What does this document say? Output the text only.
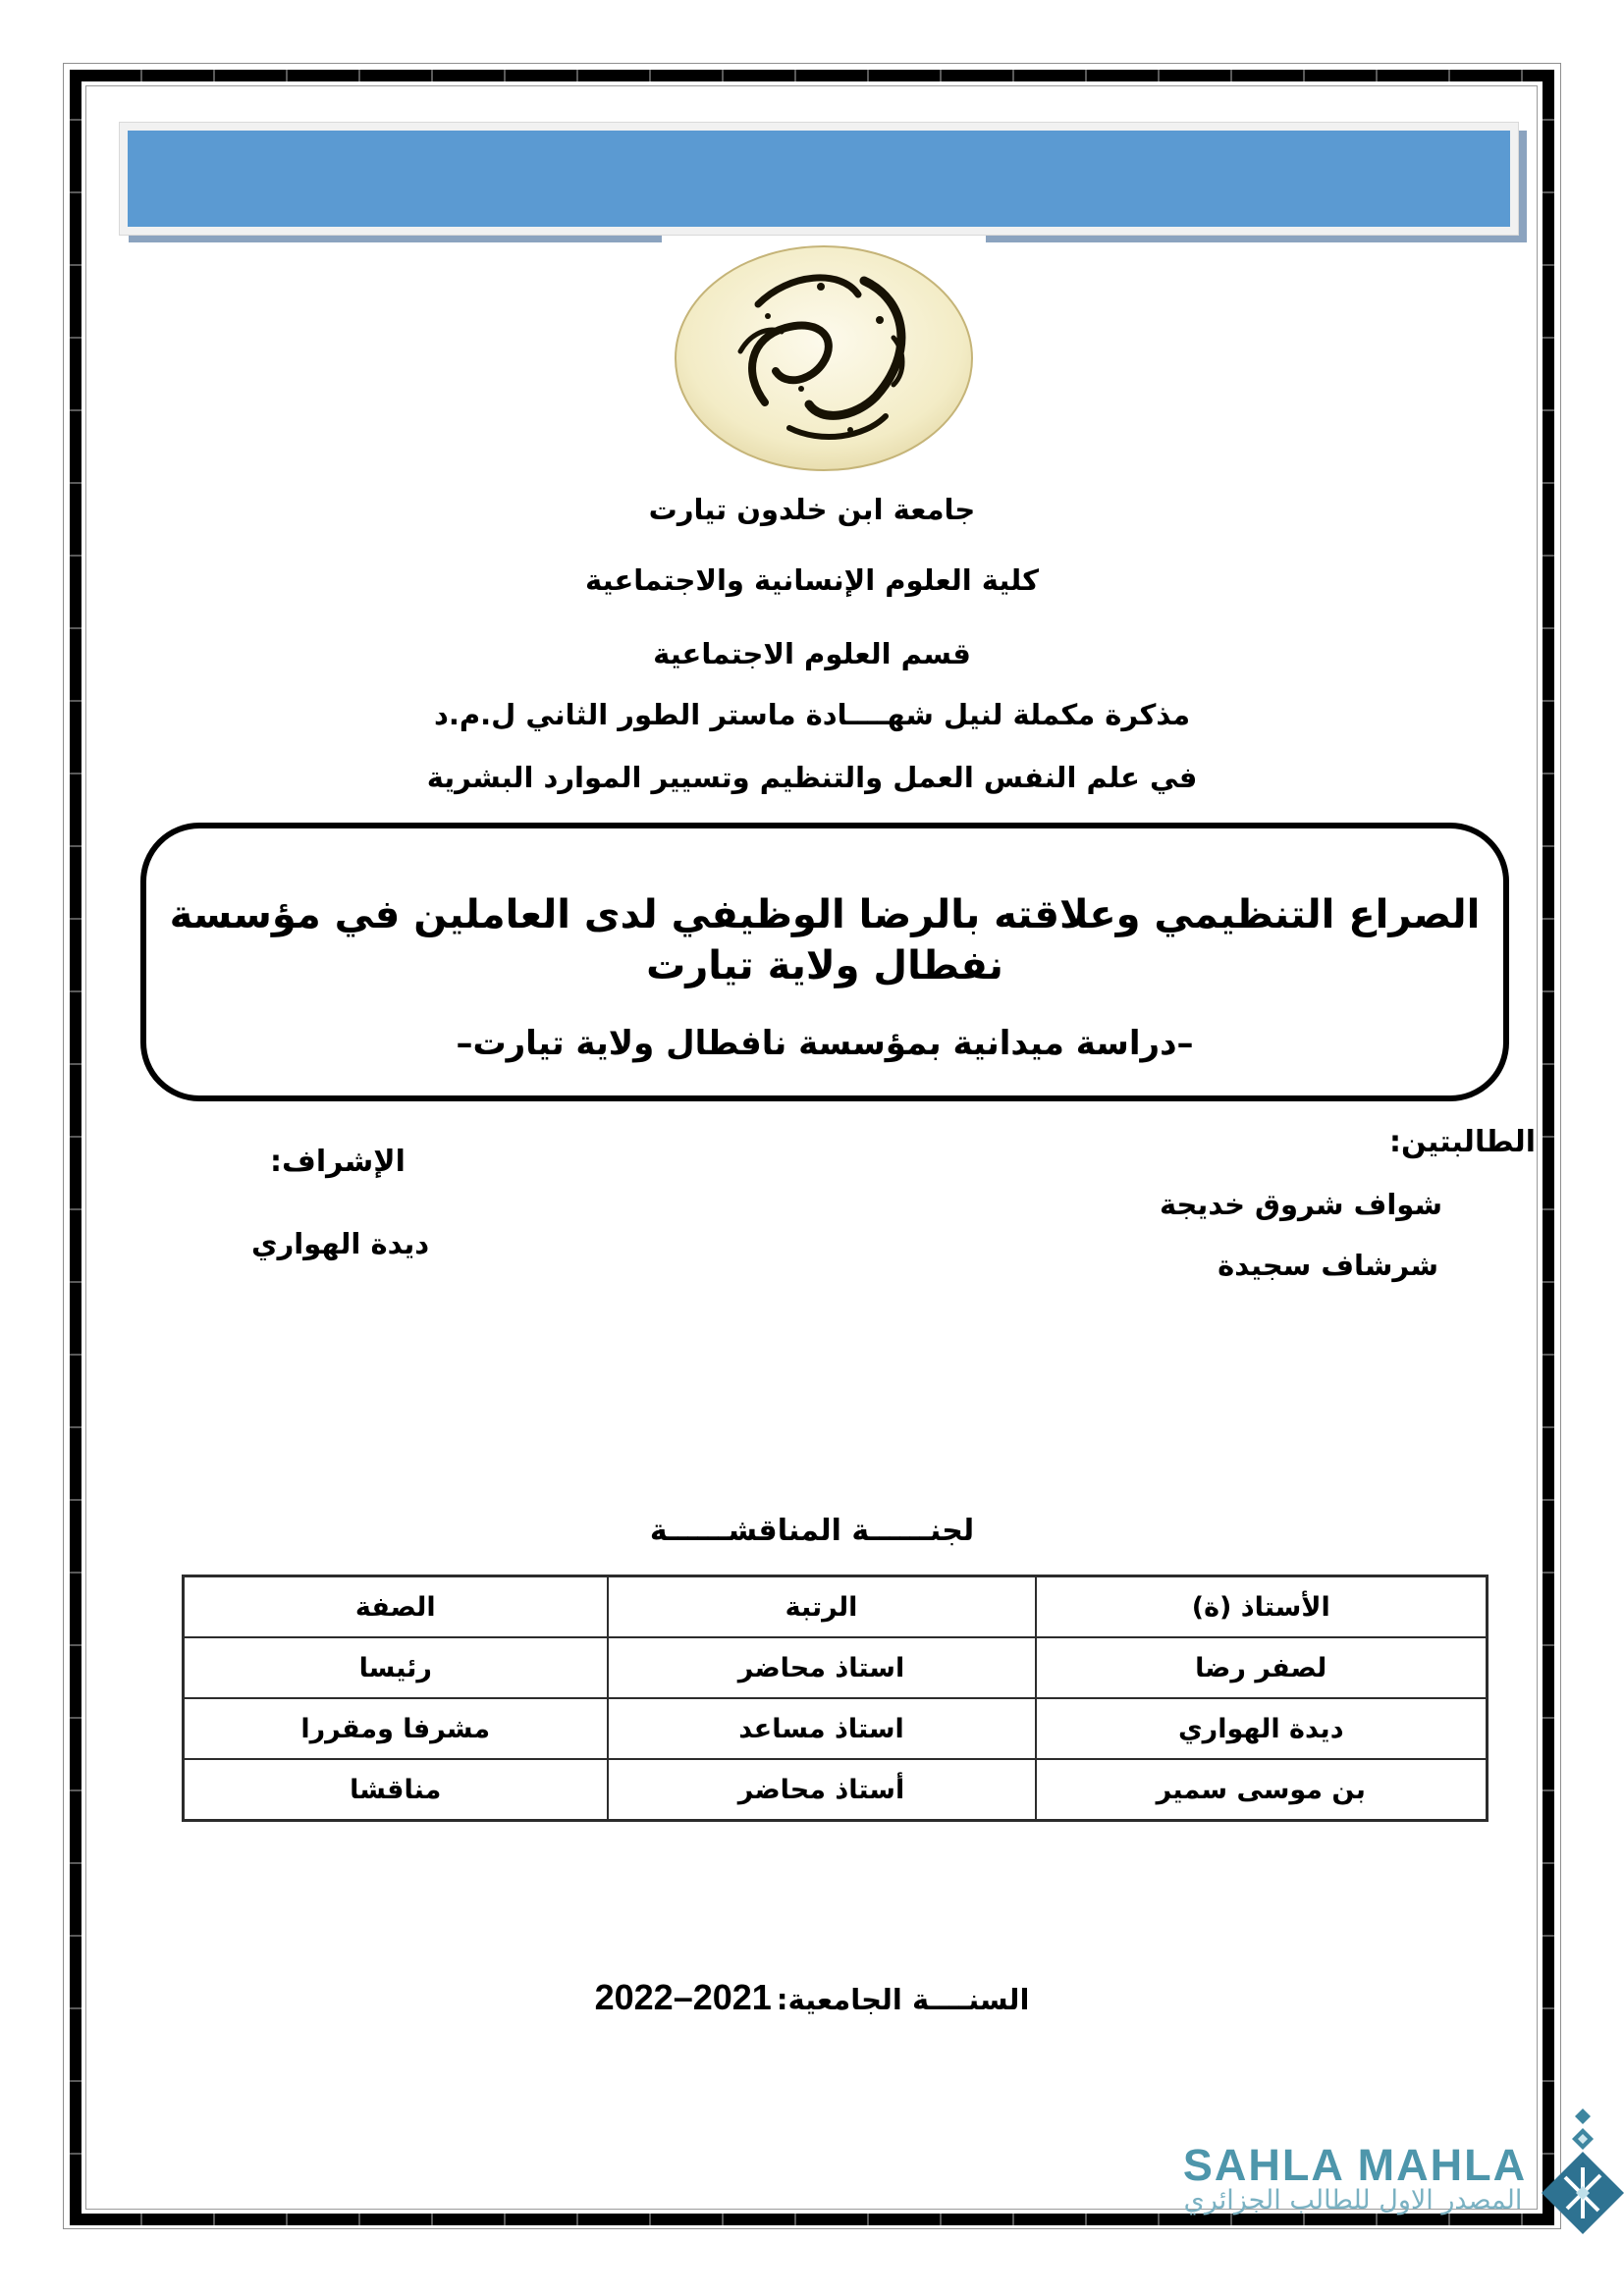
جامعة ابن خلدون تيارت
كلية العلوم الإنسانية والاجتماعية
قسم العلوم الاجتماعية
مذكرة مكملة لنيل شهــــادة ماستر الطور الثاني ل.م.د
في علم النفس العمل والتنظيم وتسيير الموارد البشرية
الصراع التنظيمي وعلاقته بالرضا الوظيفي لدى العاملين في مؤسسة نفطال ولاية تيارت
–دراسة ميدانية بمؤسسة نافطال ولاية تيارت–
الطالبتين:
شواف شروق خديجة
شرشاف سجيدة
الإشراف:
ديدة الهواري
لجنــــــة المناقشــــــة
الأستاذ (ة)	الرتبة	الصفة
لصفر رضا	استاذ محاضر	رئيسا
ديدة الهواري	استاذ مساعد	مشرفا ومقررا
بن موسى سمير	أستاذ محاضر	مناقشا
السنــــة الجامعية: 2021–2022
SAHLA MAHLA
المصدر الاول للطالب الجزائري
